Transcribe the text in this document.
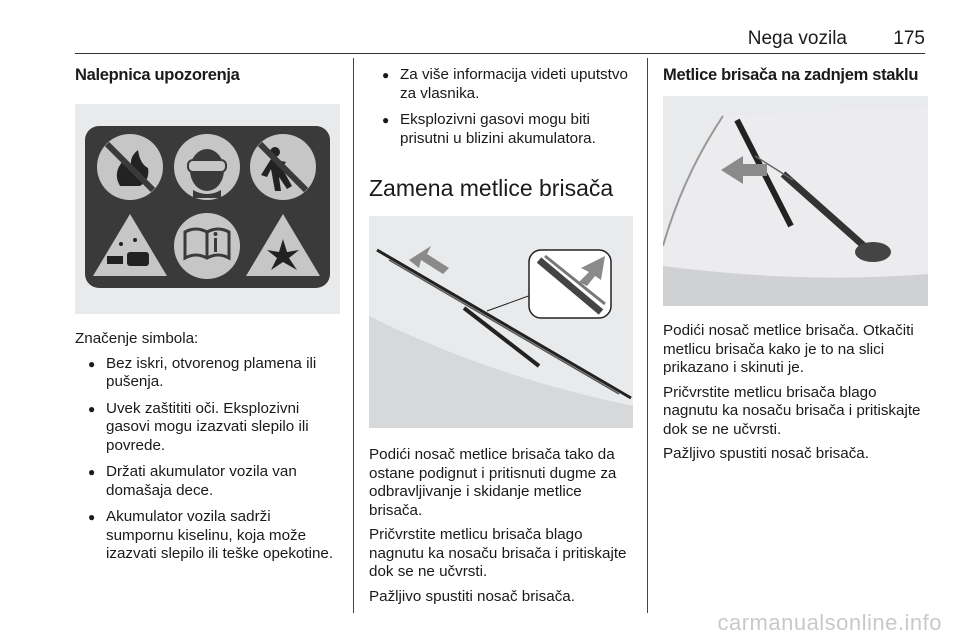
Nega vozila 175
Nalepnica upozorenja

Značenje simbola:

● Bez iskri, otvorenog plamena ili pušenja.
● Uvek zaštititi oči. Eksplozivni gasovi mogu izazvati slepilo ili povrede.
● Držati akumulator vozila van domašaja dece.
● Akumulator vozila sadrži sumpornu kiselinu, koja može izazvati slepilo ili teške opekotine.
● Za više informacija videti uputstvo za vlasnika.
● Eksplozivni gasovi mogu biti prisutni u blizini akumulatora.
Zamena metlice brisača

Podići nosač metlice brisača tako da ostane podignut i pritisnuti dugme za odbravljivanje i skidanje metlice brisača.

Pričvrstite metlicu brisača blago nagnutu ka nosaču brisača i pritiskajte dok se ne učvrsti.

Pažljivo spustiti nosač brisača.

Metlice brisača na zadnjem staklu

Podići nosač metlice brisača. Otkačiti metlicu brisača kako je to na slici prikazano i skinuti je.

Pričvrstite metlicu brisača blago nagnutu ka nosaču brisača i pritiskajte dok se ne učvrsti.

Pažljivo spustiti nosač brisača.

carmanualsonline.info
